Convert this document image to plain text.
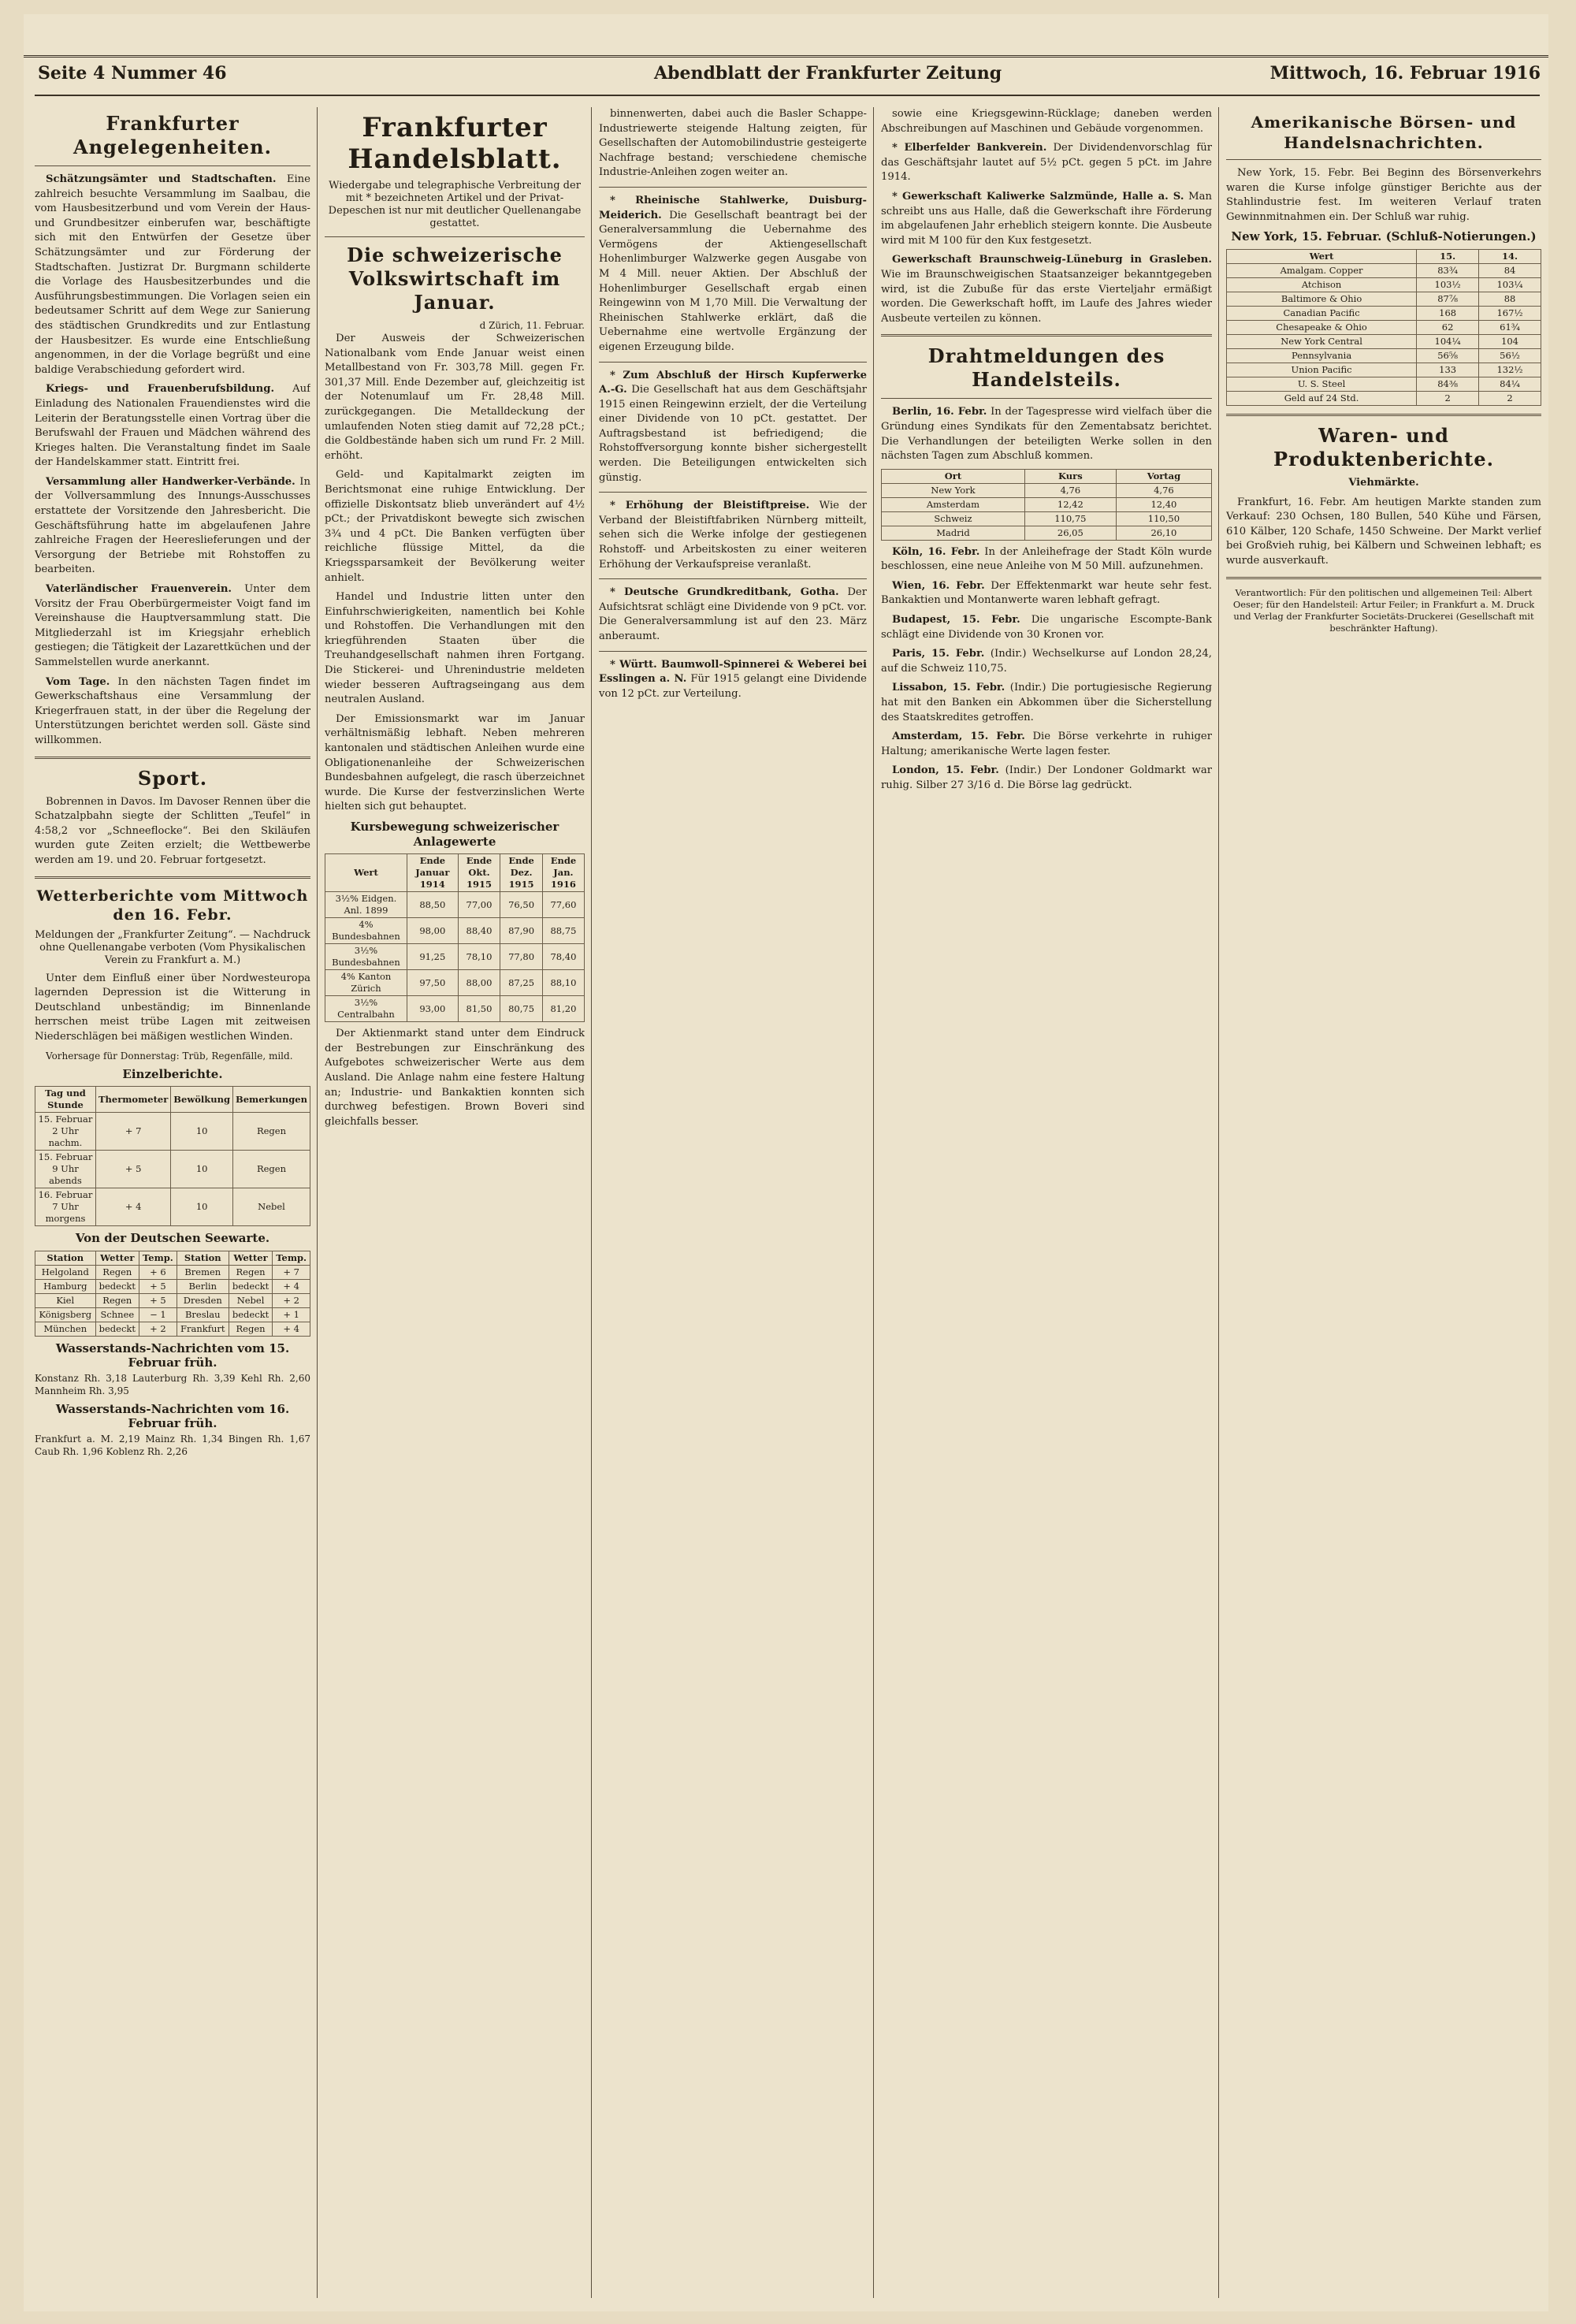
Seite 4 Nummer 46	Abendblatt der Frankfurter Zeitung	Mittwoch, 16. Februar 1916
Frankfurter Angelegenheiten.

Schätzungsämter und Stadtschaften. Eine zahlreich besuchte Versammlung im Saalbau, die vom Hausbesitzerbund und vom Verein der Haus- und Grundbesitzer einberufen war, beschäftigte sich mit den Entwürfen der Gesetze über Schätzungsämter und zur Förderung der Stadtschaften. Justizrat Dr. Burgmann schilderte die Vorlage des Hausbesitzerbundes und die Ausführungsbestimmungen. Die Vorlagen seien ein bedeutsamer Schritt auf dem Wege zur Sanierung des städtischen Grundkredits und zur Entlastung der Hausbesitzer. Es wurde eine Entschließung angenommen, in der die Vorlage begrüßt und eine baldige Verabschiedung gefordert wird.

Kriegs- und Frauenberufsbildung. Auf Einladung des Nationalen Frauendienstes wird die Leiterin der Beratungsstelle einen Vortrag über die Berufswahl der Frauen und Mädchen während des Krieges halten. Die Veranstaltung findet im Saale der Handelskammer statt. Eintritt frei.

Versammlung aller Handwerker-Verbände. In der Vollversammlung des Innungs-Ausschusses erstattete der Vorsitzende den Jahresbericht. Die Geschäftsführung hatte im abgelaufenen Jahre zahlreiche Fragen der Heereslieferungen und der Versorgung der Betriebe mit Rohstoffen zu bearbeiten.

Vaterländischer Frauenverein. Unter dem Vorsitz der Frau Oberbürgermeister Voigt fand im Vereinshause die Hauptversammlung statt. Die Mitgliederzahl ist im Kriegsjahr erheblich gestiegen; die Tätigkeit der Lazarettküchen und der Sammelstellen wurde anerkannt.

Vom Tage. In den nächsten Tagen findet im Gewerkschaftshaus eine Versammlung der Kriegerfrauen statt, in der über die Regelung der Unterstützungen berichtet werden soll. Gäste sind willkommen.

Sport.

Bobrennen in Davos. Im Davoser Rennen über die Schatzalpbahn siegte der Schlitten „Teufel“ in 4:58,2 vor „Schneeflocke“. Bei den Skiläufen wurden gute Zeiten erzielt; die Wettbewerbe werden am 19. und 20. Februar fortgesetzt.

Wetterberichte vom Mittwoch den 16. Febr.
Meldungen der „Frankfurter Zeitung“. — Nachdruck ohne Quellenangabe verboten (Vom Physikalischen Verein zu Frankfurt a. M.)

Unter dem Einfluß einer über Nordwesteuropa lagernden Depression ist die Witterung in Deutschland unbeständig; im Binnenlande herrschen meist trübe Lagen mit zeitweisen Niederschlägen bei mäßigen westlichen Winden.

Vorhersage für Donnerstag: Trüb, Regenfälle, mild.

Einzelberichte.
Tag und Stunde	Thermometer	Bewölkung	Bemerkungen
15. Februar 2 Uhr nachm.	+ 7	10	Regen
15. Februar 9 Uhr abends	+ 5	10	Regen
16. Februar 7 Uhr morgens	+ 4	10	Nebel
Von der Deutschen Seewarte.
Station	Wetter	Temp.	Station	Wetter	Temp.
Helgoland	Regen	+ 6	Bremen	Regen	+ 7
Hamburg	bedeckt	+ 5	Berlin	bedeckt	+ 4
Kiel	Regen	+ 5	Dresden	Nebel	+ 2
Königsberg	Schnee	− 1	Breslau	bedeckt	+ 1
München	bedeckt	+ 2	Frankfurt	Regen	+ 4
Wasserstands-Nachrichten vom 15. Februar früh.
Konstanz Rh. 3,18 Lauterburg Rh. 3,39 Kehl Rh. 2,60 Mannheim Rh. 3,95
Wasserstands-Nachrichten vom 16. Februar früh.
Frankfurt a. M. 2,19 Mainz Rh. 1,34 Bingen Rh. 1,67 Caub Rh. 1,96 Koblenz Rh. 2,26
Frankfurter Handelsblatt.
Wiedergabe und telegraphische Verbreitung der mit * bezeichneten Artikel und der Privat-Depeschen ist nur mit deutlicher Quellenangabe gestattet.
Die schweizerische Volkswirtschaft im Januar.
d Zürich, 11. Februar.

Der Ausweis der Schweizerischen Nationalbank vom Ende Januar weist einen Metallbestand von Fr. 303,78 Mill. gegen Fr. 301,37 Mill. Ende Dezember auf, gleichzeitig ist der Notenumlauf um Fr. 28,48 Mill. zurückgegangen. Die Metalldeckung der umlaufenden Noten stieg damit auf 72,28 pCt.; die Goldbestände haben sich um rund Fr. 2 Mill. erhöht.

Geld- und Kapitalmarkt zeigten im Berichtsmonat eine ruhige Entwicklung. Der offizielle Diskontsatz blieb unverändert auf 4½ pCt.; der Privatdiskont bewegte sich zwischen 3¾ und 4 pCt. Die Banken verfügten über reichliche flüssige Mittel, da die Kriegssparsamkeit der Bevölkerung weiter anhielt.

Handel und Industrie litten unter den Einfuhrschwierigkeiten, namentlich bei Kohle und Rohstoffen. Die Verhandlungen mit den kriegführenden Staaten über die Treuhandgesellschaft nahmen ihren Fortgang. Die Stickerei- und Uhrenindustrie meldeten wieder besseren Auftragseingang aus dem neutralen Ausland.

Der Emissionsmarkt war im Januar verhältnismäßig lebhaft. Neben mehreren kantonalen und städtischen Anleihen wurde eine Obligationenanleihe der Schweizerischen Bundesbahnen aufgelegt, die rasch überzeichnet wurde. Die Kurse der festverzinslichen Werte hielten sich gut behauptet.

Kursbewegung schweizerischer Anlagewerte
Wert	Ende Januar 1914	Ende Okt. 1915	Ende Dez. 1915	Ende Jan. 1916
3½% Eidgen. Anl. 1899	88,50	77,00	76,50	77,60
4% Bundesbahnen	98,00	88,40	87,90	88,75
3½% Bundesbahnen	91,25	78,10	77,80	78,40
4% Kanton Zürich	97,50	88,00	87,25	88,10
3½% Centralbahn	93,00	81,50	80,75	81,20

Der Aktienmarkt stand unter dem Eindruck der Bestrebungen zur Einschränkung des Aufgebotes schweizerischer Werte aus dem Ausland. Die Anlage nahm eine festere Haltung an; Industrie- und Bankaktien konnten sich durchweg befestigen. Brown Boveri sind gleichfalls besser.

binnenwerten, dabei auch die Basler Schappe-Industriewerte steigende Haltung zeigten, für Gesellschaften der Automobilindustrie gesteigerte Nachfrage bestand; verschiedene chemische Industrie-Anleihen zogen weiter an.

* Rheinische Stahlwerke, Duisburg-Meiderich. Die Gesellschaft beantragt bei der Generalversammlung die Uebernahme des Vermögens der Aktiengesellschaft Hohenlimburger Walzwerke gegen Ausgabe von M 4 Mill. neuer Aktien. Der Abschluß der Hohenlimburger Gesellschaft ergab einen Reingewinn von M 1,70 Mill. Die Verwaltung der Rheinischen Stahlwerke erklärt, daß die Uebernahme eine wertvolle Ergänzung der eigenen Erzeugung bilde.

* Zum Abschluß der Hirsch Kupferwerke A.-G. Die Gesellschaft hat aus dem Geschäftsjahr 1915 einen Reingewinn erzielt, der die Verteilung einer Dividende von 10 pCt. gestattet. Der Auftragsbestand ist befriedigend; die Rohstoffversorgung konnte bisher sichergestellt werden. Die Beteiligungen entwickelten sich günstig.

* Erhöhung der Bleistiftpreise. Wie der Verband der Bleistiftfabriken Nürnberg mitteilt, sehen sich die Werke infolge der gestiegenen Rohstoff- und Arbeitskosten zu einer weiteren Erhöhung der Verkaufspreise veranlaßt.

* Deutsche Grundkreditbank, Gotha. Der Aufsichtsrat schlägt eine Dividende von 9 pCt. vor. Die Generalversammlung ist auf den 23. März anberaumt.

* Württ. Baumwoll-Spinnerei & Weberei bei Esslingen a. N. Für 1915 gelangt eine Dividende von 12 pCt. zur Verteilung.

sowie eine Kriegsgewinn-Rücklage; daneben werden Abschreibungen auf Maschinen und Gebäude vorgenommen.

* Elberfelder Bankverein. Der Dividendenvorschlag für das Geschäftsjahr lautet auf 5½ pCt. gegen 5 pCt. im Jahre 1914.

* Gewerkschaft Kaliwerke Salzmünde, Halle a. S. Man schreibt uns aus Halle, daß die Gewerkschaft ihre Förderung im abgelaufenen Jahr erheblich steigern konnte. Die Ausbeute wird mit M 100 für den Kux festgesetzt.

Gewerkschaft Braunschweig-Lüneburg in Grasleben. Wie im Braunschweigischen Staatsanzeiger bekanntgegeben wird, ist die Zubuße für das erste Vierteljahr ermäßigt worden. Die Gewerkschaft hofft, im Laufe des Jahres wieder Ausbeute verteilen zu können.

Drahtmeldungen des Handelsteils.

Berlin, 16. Febr. In der Tagespresse wird vielfach über die Gründung eines Syndikats für den Zementabsatz berichtet. Die Verhandlungen der beteiligten Werke sollen in den nächsten Tagen zum Abschluß kommen.

Ort	Kurs	Vortag
New York	4,76	4,76
Amsterdam	12,42	12,40
Schweiz	110,75	110,50
Madrid	26,05	26,10

Köln, 16. Febr. In der Anleihefrage der Stadt Köln wurde beschlossen, eine neue Anleihe von M 50 Mill. aufzunehmen.

Wien, 16. Febr. Der Effektenmarkt war heute sehr fest. Bankaktien und Montanwerte waren lebhaft gefragt.

Budapest, 15. Febr. Die ungarische Escompte-Bank schlägt eine Dividende von 30 Kronen vor.

Paris, 15. Febr. (Indir.) Wechselkurse auf London 28,24, auf die Schweiz 110,75.

Lissabon, 15. Febr. (Indir.) Die portugiesische Regierung hat mit den Banken ein Abkommen über die Sicherstellung des Staatskredites getroffen.

Amsterdam, 15. Febr. Die Börse verkehrte in ruhiger Haltung; amerikanische Werte lagen fester.

London, 15. Febr. (Indir.) Der Londoner Goldmarkt war ruhig. Silber 27 3/16 d. Die Börse lag gedrückt.

Amerikanische Börsen- und Handelsnachrichten.

New York, 15. Febr. Bei Beginn des Börsenverkehrs waren die Kurse infolge günstiger Berichte aus der Stahlindustrie fest. Im weiteren Verlauf traten Gewinnmitnahmen ein. Der Schluß war ruhig.

New York, 15. Februar. (Schluß-Notierungen.)
Wert	15.	14.
Amalgam. Copper	83¾	84
Atchison	103½	103¼
Baltimore & Ohio	87⅞	88
Canadian Pacific	168	167½
Chesapeake & Ohio	62	61¾
New York Central	104¼	104
Pennsylvania	56⅝	56½
Union Pacific	133	132½
U. S. Steel	84⅜	84¼
Geld auf 24 Std.	2	2
Waren- und Produktenberichte.
Viehmärkte.

Frankfurt, 16. Febr. Am heutigen Markte standen zum Verkauf: 230 Ochsen, 180 Bullen, 540 Kühe und Färsen, 610 Kälber, 120 Schafe, 1450 Schweine. Der Markt verlief bei Großvieh ruhig, bei Kälbern und Schweinen lebhaft; es wurde ausverkauft.

Verantwortlich: Für den politischen und allgemeinen Teil: Albert Oeser; für den Handelsteil: Artur Feiler; in Frankfurt a. M. Druck und Verlag der Frankfurter Societäts-Druckerei (Gesellschaft mit beschränkter Haftung).
